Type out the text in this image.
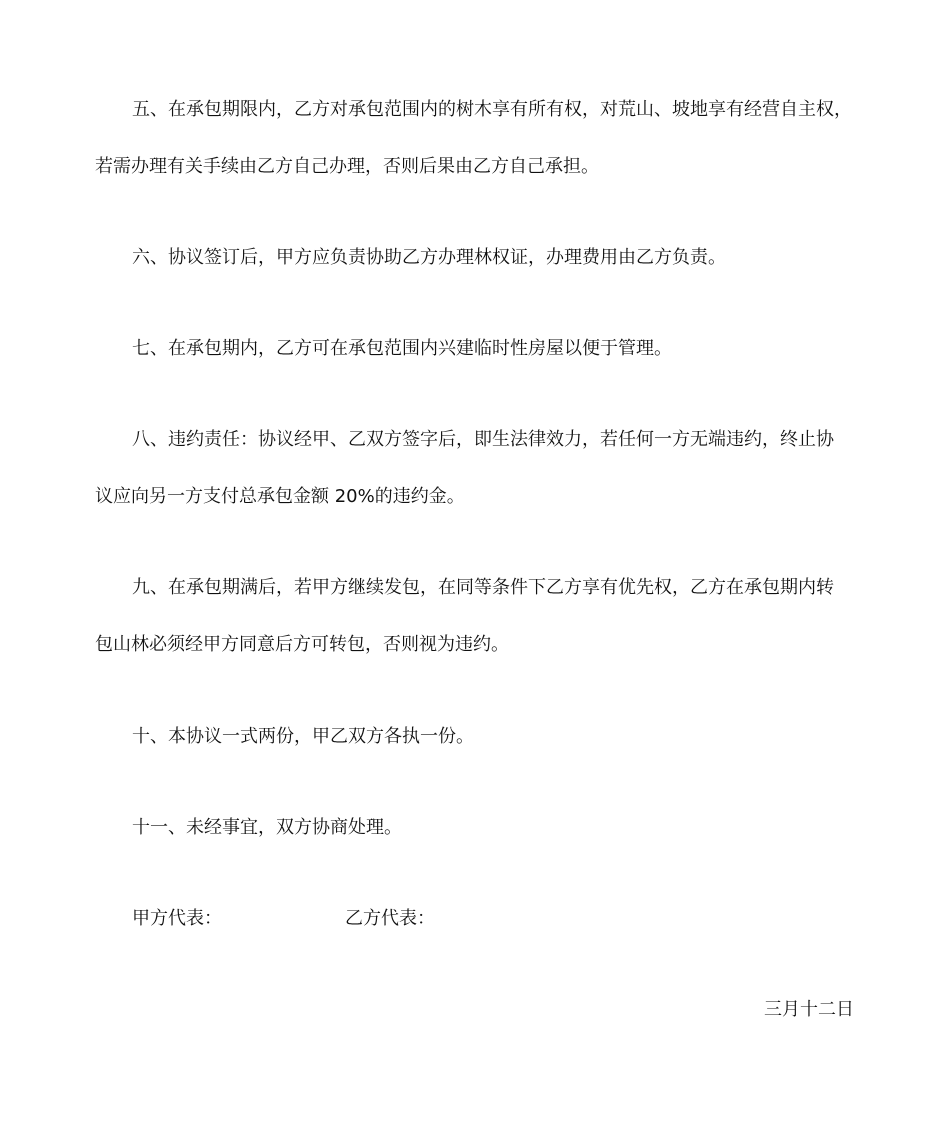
五、在承包期限内，乙方对承包范围内的树木享有所有权，对荒山、坡地享有经营自主权，
若需办理有关手续由乙方自己办理，否则后果由乙方自己承担。
六、协议签订后，甲方应负责协助乙方办理林权证，办理费用由乙方负责。
七、在承包期内，乙方可在承包范围内兴建临时性房屋以便于管理。
八、违约责任：协议经甲、乙双方签字后，即生法律效力，若任何一方无端违约，终止协
议应向另一方支付总承包金额 20%的违约金。
九、在承包期满后，若甲方继续发包，在同等条件下乙方享有优先权，乙方在承包期内转
包山林必须经甲方同意后方可转包，否则视为违约。
十、本协议一式两份，甲乙双方各执一份。
十一、未经事宜，双方协商处理。
甲方代表：	乙方代表：
三月十二日
